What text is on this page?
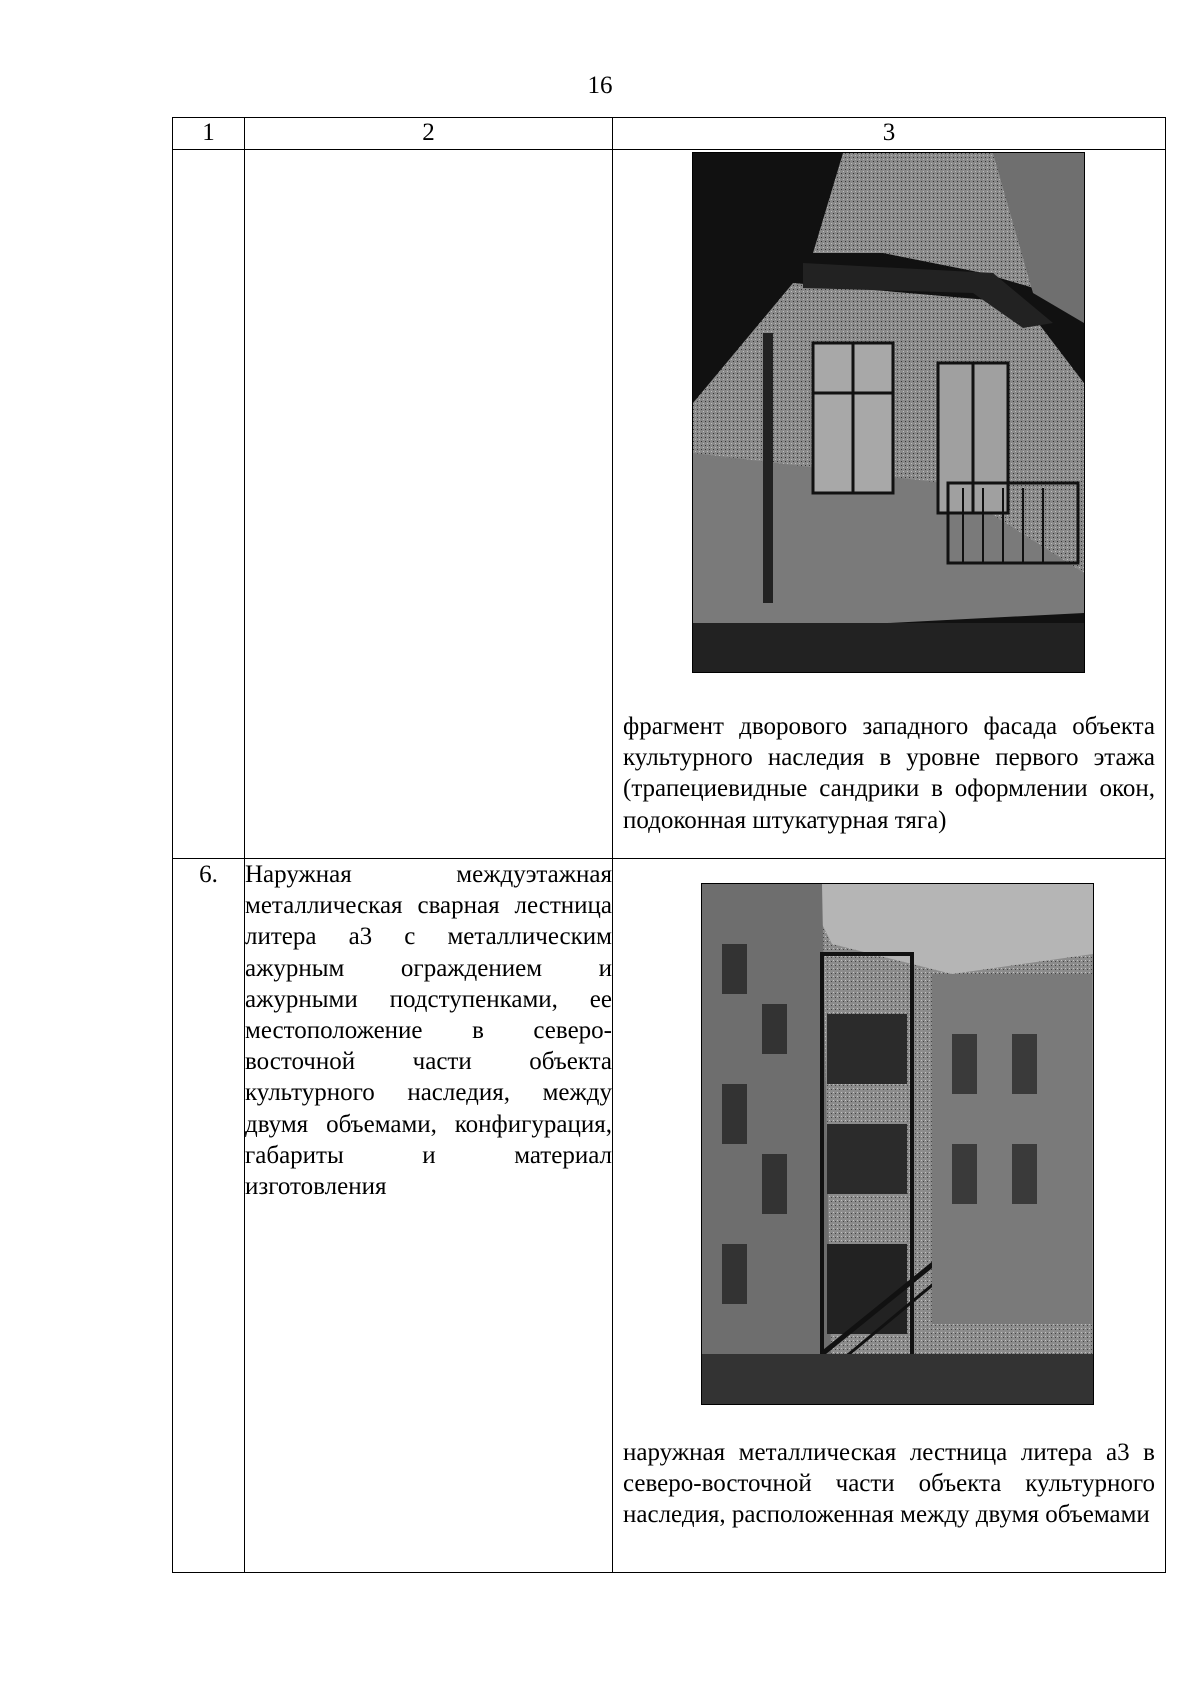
16
1	2	3

		фрагмент дворового западного фасада объекта культурного наследия в уровне первого этажа (трапециевидные сандрики в оформлении окон, подоконная штукатурная тяга)

6.	Наружная междуэтажная металлическая сварная лестница литера а3 с металлическим ажурным ограждением и ажурными подступенками, ее местоположение в северо-восточной части объекта культурного наследия, между двумя объемами, конфигурация, габариты и материал изготовления	наружная металлическая лестница литера а3 в северо-восточной части объекта культурного наследия, расположенная между двумя объемами
